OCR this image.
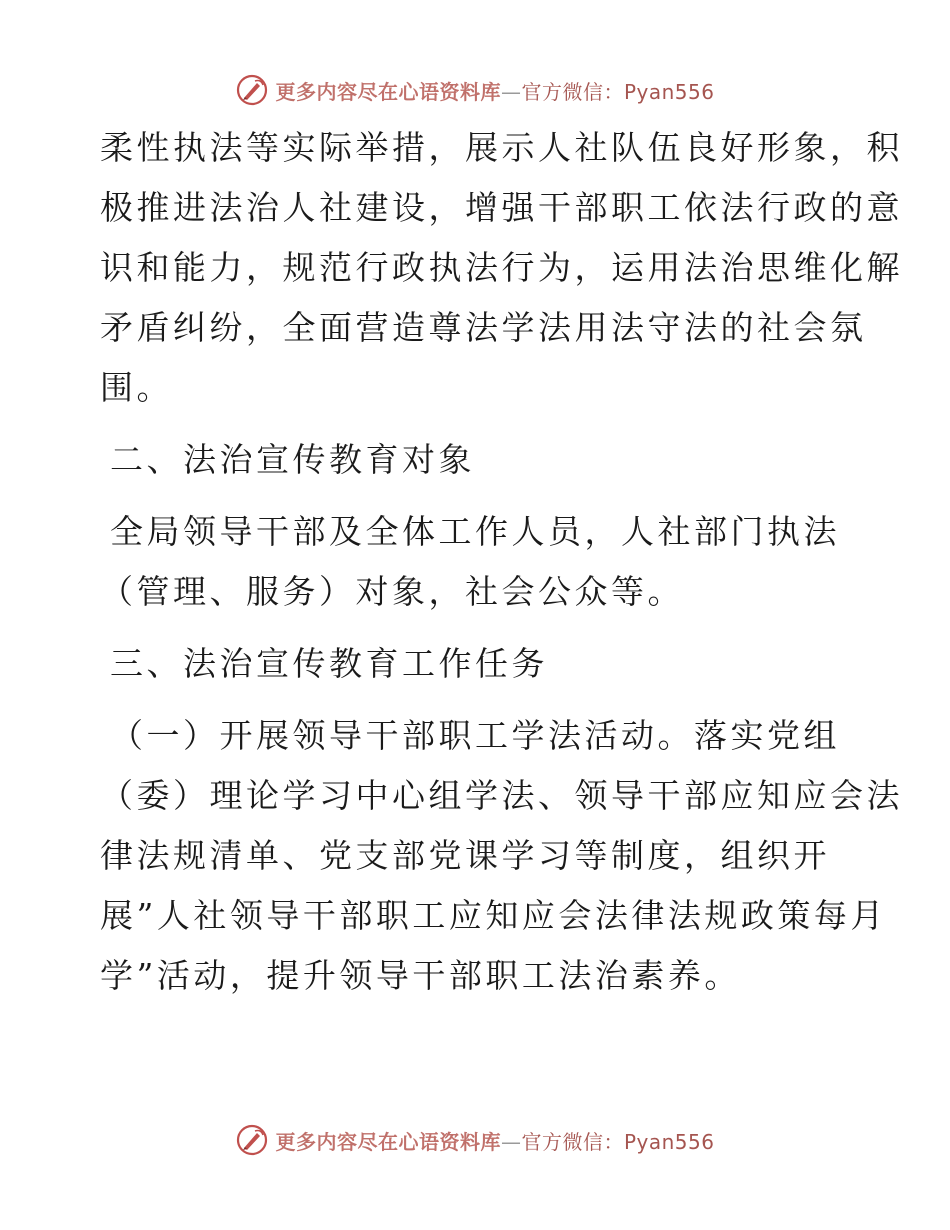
更多内容尽在心语资料库—官方微信：Pyan556
柔性执法等实际举措，展示人社队伍良好形象，积
极推进法治人社建设，增强干部职工依法行政的意
识和能力，规范行政执法行为，运用法治思维化解
矛盾纠纷，全面营造尊法学法用法守法的社会氛
围。
二、法治宣传教育对象
全局领导干部及全体工作人员，人社部门执法
（管理、服务）对象，社会公众等。
三、法治宣传教育工作任务
（一）开展领导干部职工学法活动。落实党组
（委）理论学习中心组学法、领导干部应知应会法
律法规清单、党支部党课学习等制度，组织开
展”人社领导干部职工应知应会法律法规政策每月
学”活动，提升领导干部职工法治素养。
更多内容尽在心语资料库—官方微信：Pyan556
